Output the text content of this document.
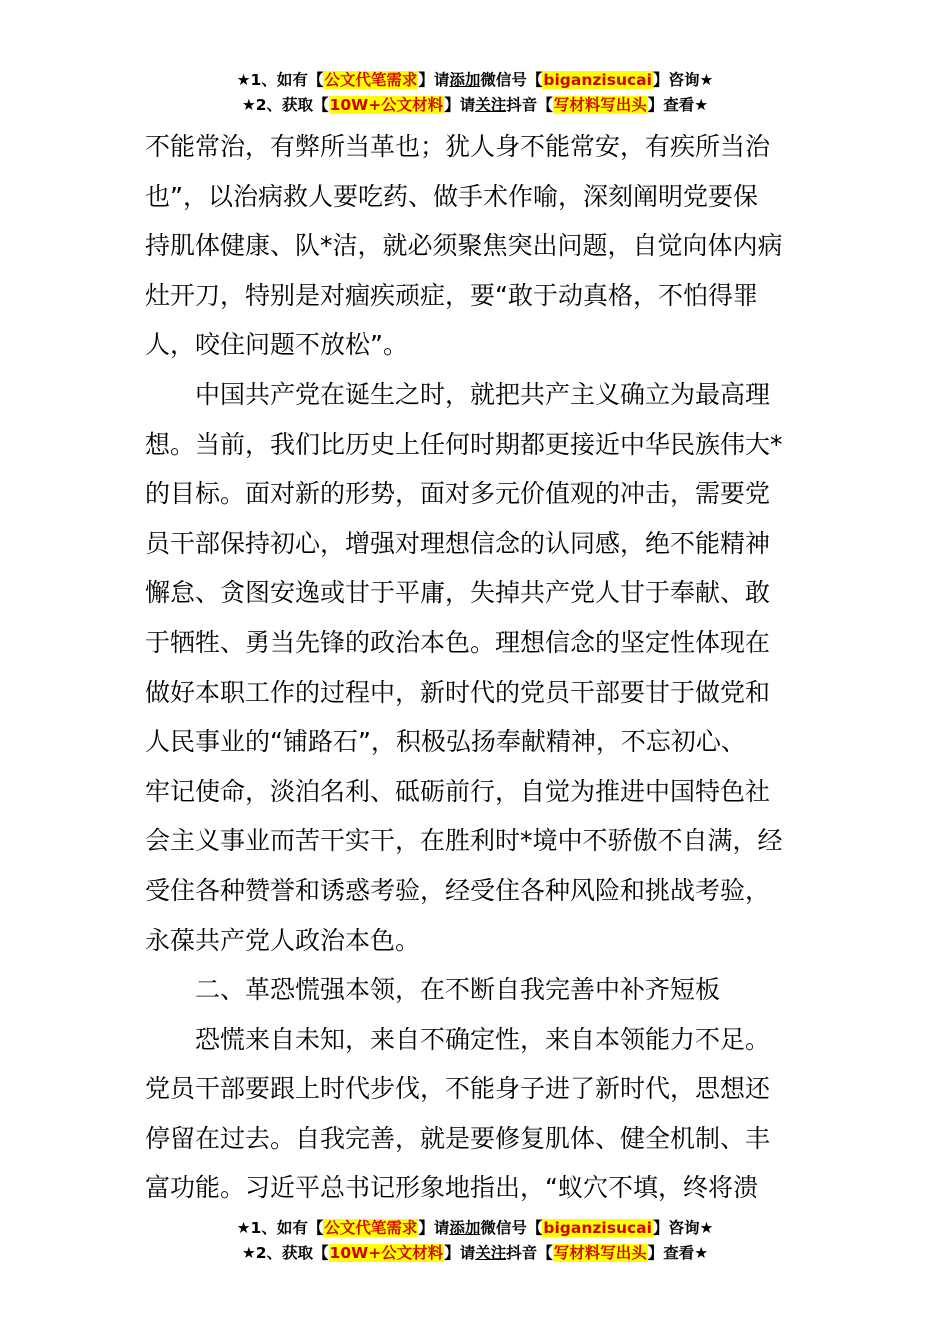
★1、如有【公文代笔需求】请添加微信号【biganzisucai】咨询★
★2、获取【10W+公文材料】请关注抖音【写材料写出头】查看★
不能常治，有弊所当革也；犹人身不能常安，有疾所当治
也”，以治病救人要吃药、做手术作喻，深刻阐明党要保
持肌体健康、队*洁，就必须聚焦突出问题，自觉向体内病
灶开刀，特别是对痼疾顽症，要“敢于动真格，不怕得罪
人，咬住问题不放松”。
中国共产党在诞生之时，就把共产主义确立为最高理
想。当前，我们比历史上任何时期都更接近中华民族伟大*
的目标。面对新的形势，面对多元价值观的冲击，需要党
员干部保持初心，增强对理想信念的认同感，绝不能精神
懈怠、贪图安逸或甘于平庸，失掉共产党人甘于奉献、敢
于牺牲、勇当先锋的政治本色。理想信念的坚定性体现在
做好本职工作的过程中，新时代的党员干部要甘于做党和
人民事业的“铺路石”，积极弘扬奉献精神，不忘初心、
牢记使命，淡泊名利、砥砺前行，自觉为推进中国特色社
会主义事业而苦干实干，在胜利时*境中不骄傲不自满，经
受住各种赞誉和诱惑考验，经受住各种风险和挑战考验，
永葆共产党人政治本色。
二、革恐慌强本领，在不断自我完善中补齐短板
恐慌来自未知，来自不确定性，来自本领能力不足。
党员干部要跟上时代步伐，不能身子进了新时代，思想还
停留在过去。自我完善，就是要修复肌体、健全机制、丰
富功能。习近平总书记形象地指出，“蚁穴不填，终将溃
★1、如有【公文代笔需求】请添加微信号【biganzisucai】咨询★
★2、获取【10W+公文材料】请关注抖音【写材料写出头】查看★
